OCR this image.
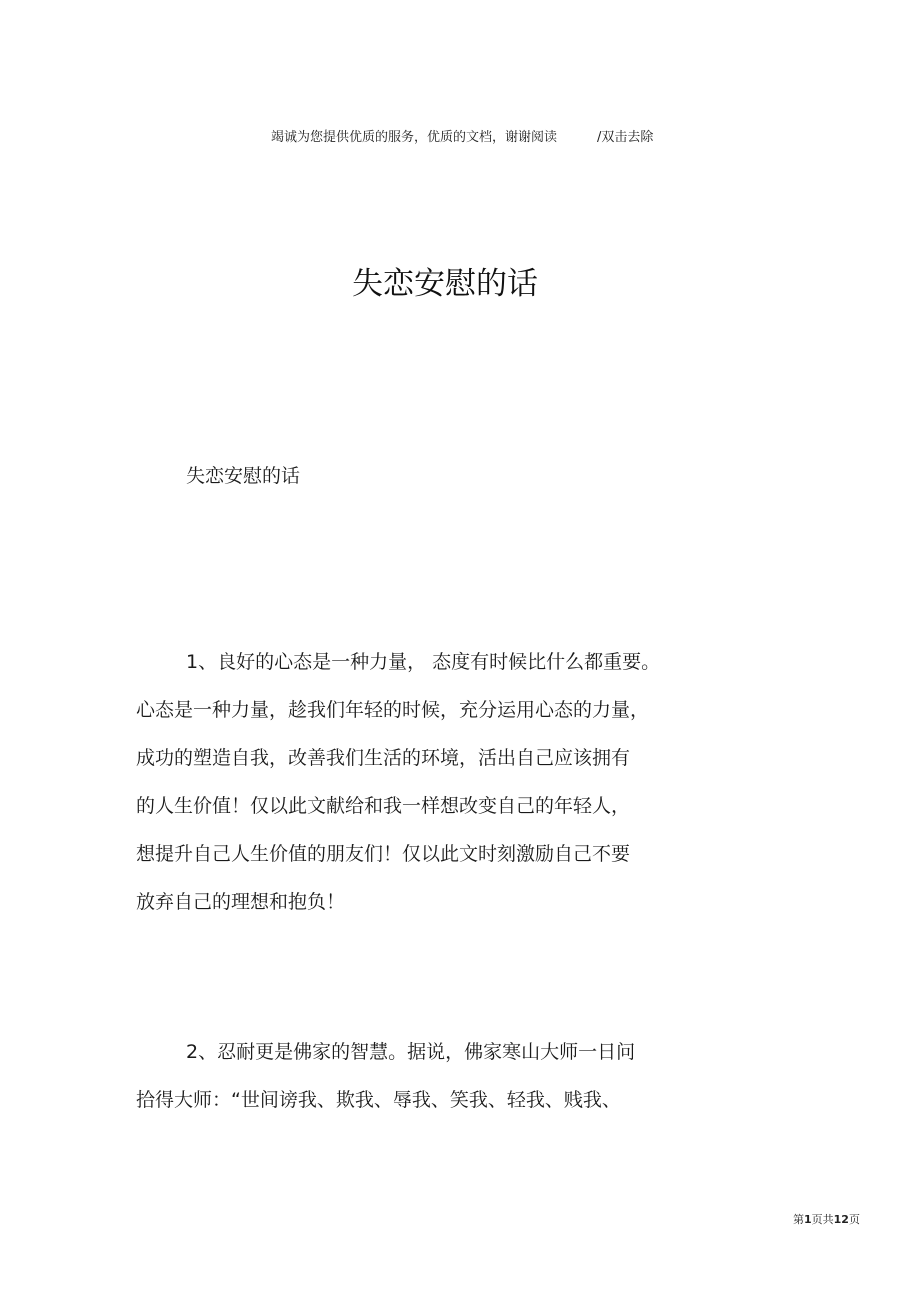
竭诚为您提供优质的服务，优质的文档，谢谢阅读	/双击去除
失恋安慰的话
失恋安慰的话

1、良好的心态是一种力量， 态度有时候比什么都重要。
心态是一种力量，趁我们年轻的时候，充分运用心态的力量，
成功的塑造自我，改善我们生活的环境，活出自己应该拥有
的人生价值！仅以此文献给和我一样想改变自己的年轻人，
想提升自己人生价值的朋友们！仅以此文时刻激励自己不要
放弃自己的理想和抱负！

2、忍耐更是佛家的智慧。据说，佛家寒山大师一日问
拾得大师：“世间谤我、欺我、辱我、笑我、轻我、贱我、

第1页共12页
